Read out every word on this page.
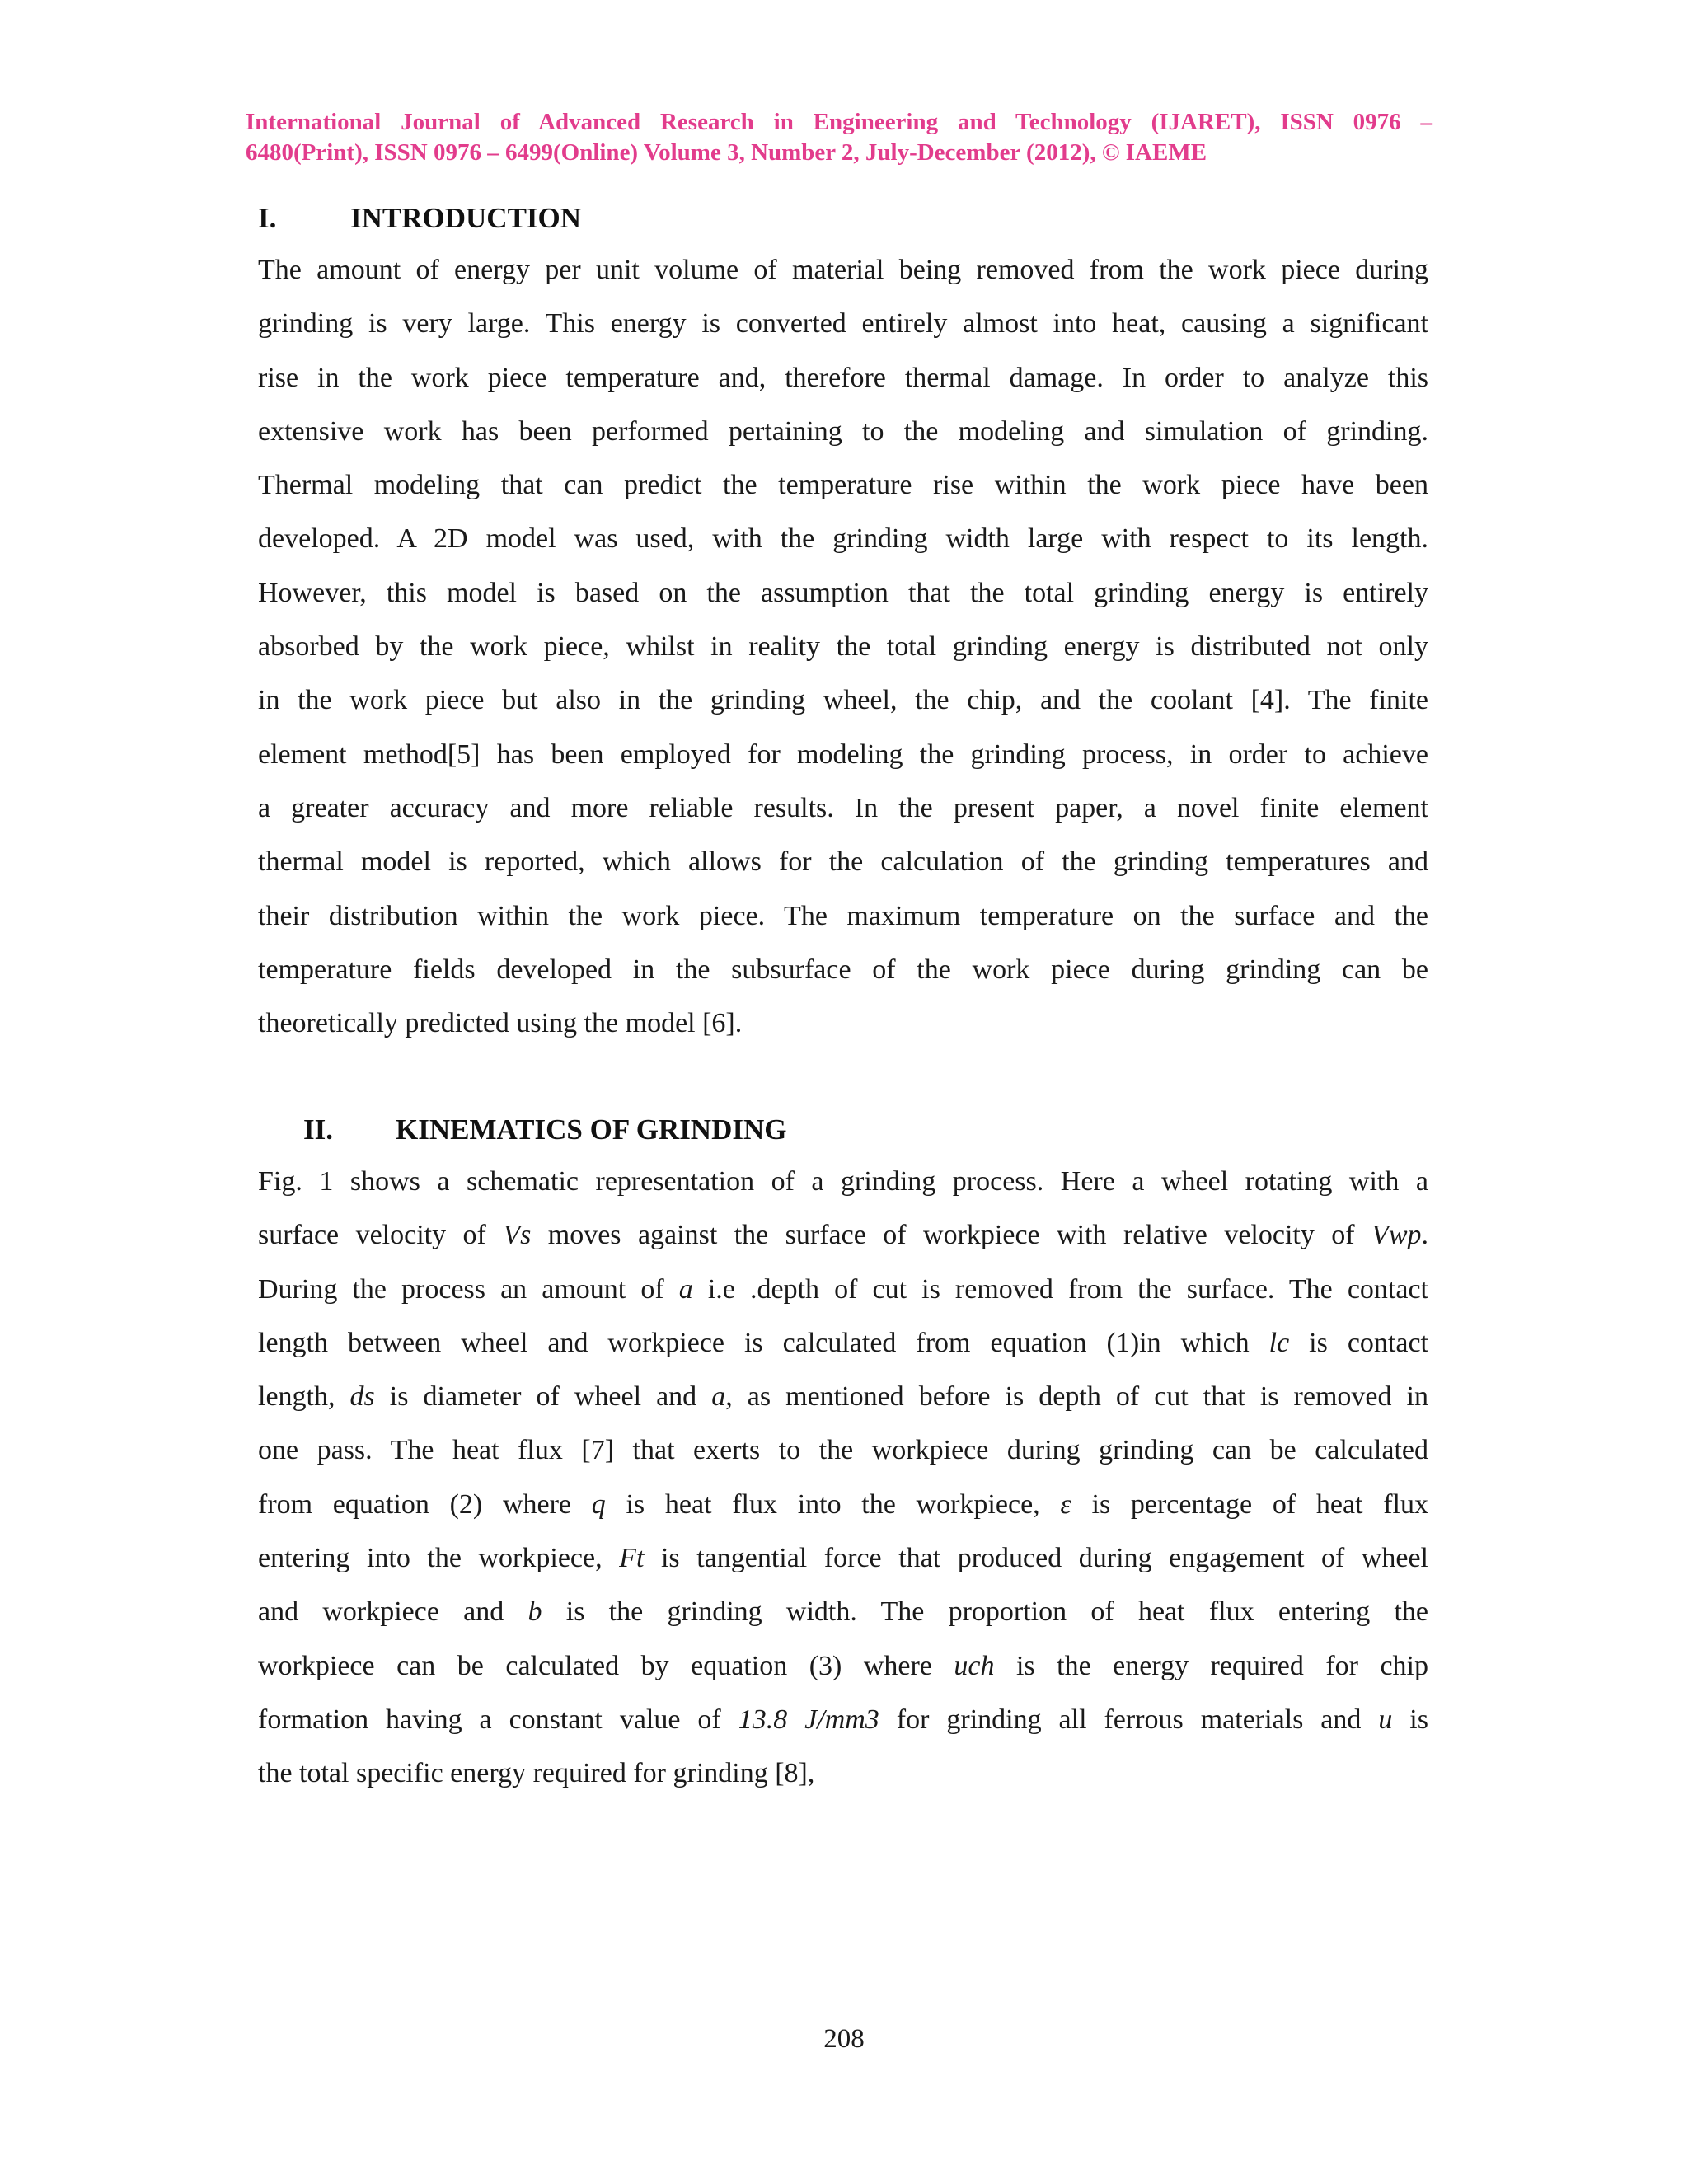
International Journal of Advanced Research in Engineering and Technology (IJARET), ISSN 0976 –
6480(Print), ISSN 0976 – 6499(Online) Volume 3, Number 2, July-December (2012), © IAEME
I.	INTRODUCTION
The amount of energy per unit volume of material being removed from the work piece during
grinding is very large. This energy is converted entirely almost into heat, causing a significant
rise in the work piece temperature and, therefore thermal damage. In order to analyze this
extensive work has been performed pertaining to the modeling and simulation of grinding.
Thermal modeling that can predict the temperature rise within the work piece have been
developed. A 2D model was used, with the grinding width large with respect to its length.
However, this model is based on the assumption that the total grinding energy is entirely
absorbed by the work piece, whilst in reality the total grinding energy is distributed not only
in the work piece but also in the grinding wheel, the chip, and the coolant [4]. The finite
element method[5] has been employed for modeling the grinding process, in order to achieve
a greater accuracy and more reliable results. In the present paper, a novel finite element
thermal model is reported, which allows for the calculation of the grinding temperatures and
their distribution within the work piece. The maximum temperature on the surface and the
temperature fields developed in the subsurface of the work piece during grinding can be
theoretically predicted using the model [6].
II. KINEMATICS OF GRINDING
Fig. 1 shows a schematic representation of a grinding process. Here a wheel rotating with a
surface velocity of Vs moves against the surface of workpiece with relative velocity of Vwp.
During the process an amount of a i.e .depth of cut is removed from the surface. The contact
length between wheel and workpiece is calculated from equation (1)in which lc is contact
length, ds is diameter of wheel and a, as mentioned before is depth of cut that is removed in
one pass. The heat flux [7] that exerts to the workpiece during grinding can be calculated
from equation (2) where q is heat flux into the workpiece, ε is percentage of heat flux
entering into the workpiece, Ft is tangential force that produced during engagement of wheel
and workpiece and b is the grinding width. The proportion of heat flux entering the
workpiece can be calculated by equation (3) where uch is the energy required for chip
formation having a constant value of 13.8 J/mm3 for grinding all ferrous materials and u is
the total specific energy required for grinding [8],
208
